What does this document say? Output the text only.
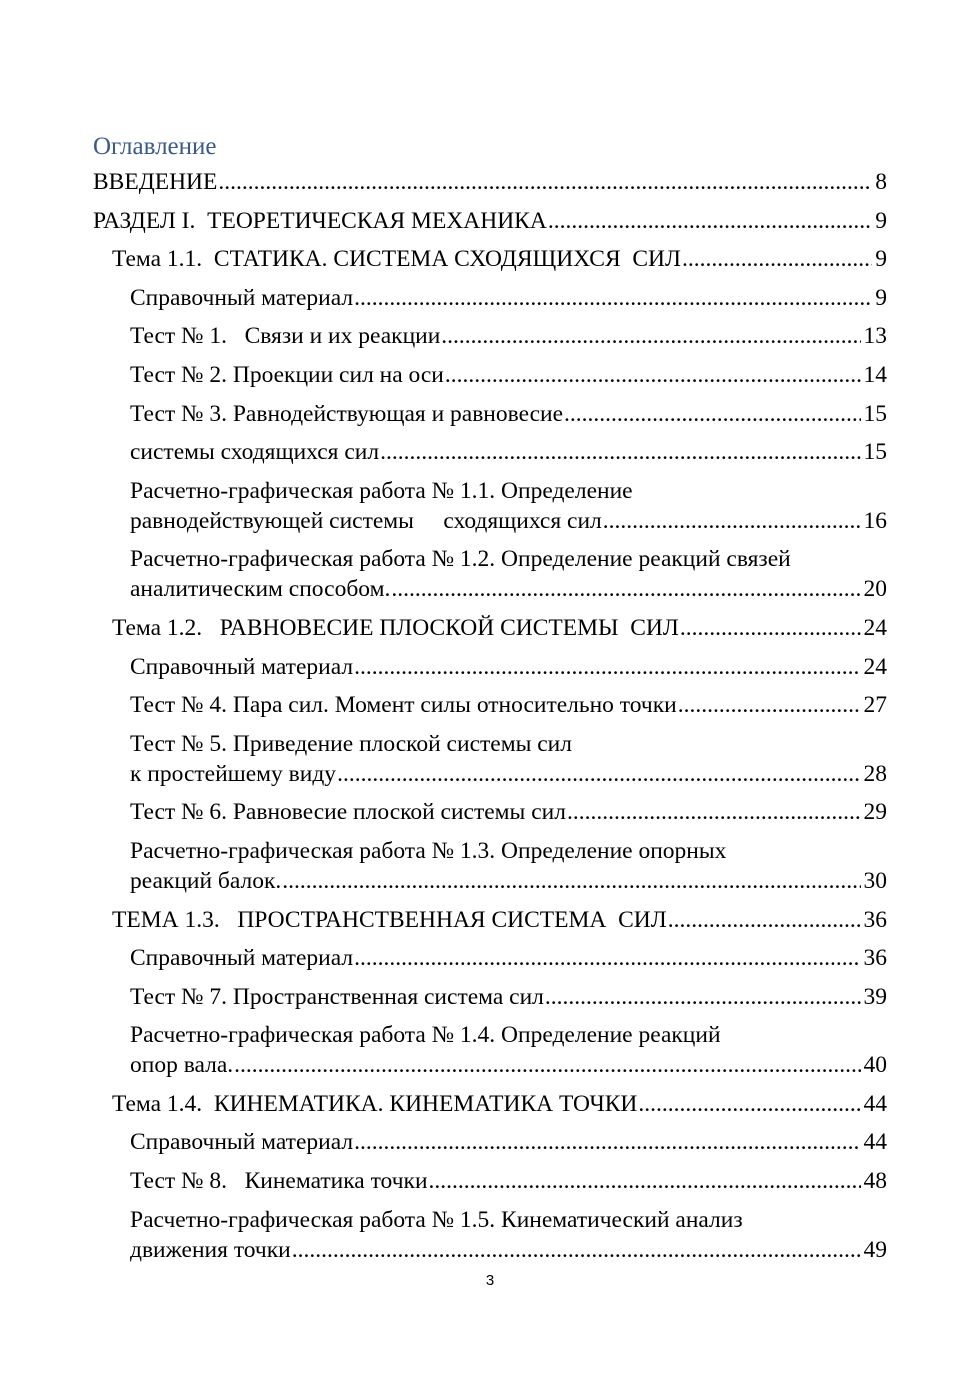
Оглавление
ВВЕДЕНИЕ .....	8
РАЗДЕЛ I.  ТЕОРЕТИЧЕСКАЯ МЕХАНИКА .....	9
Тема 1.1.  СТАТИКА. СИСТЕМА СХОДЯЩИХСЯ  СИЛ .....	9
Справочный материал .....	9
Тест № 1.   Связи и их реакции .....	13
Тест № 2. Проекции сил на оси .....	14
Тест № 3. Равнодействующая и равновесие .....	15
системы сходящихся сил .....	15
Расчетно-графическая работа № 1.1. Определение
равнодействующей системы     сходящихся сил .....	16
Расчетно-графическая работа № 1.2. Определение реакций связей
аналитическим способом. .....	20
Тема 1.2.   РАВНОВЕСИЕ ПЛОСКОЙ СИСТЕМЫ  СИЛ .....	24
Справочный материал .....	24
Тест № 4. Пара сил. Момент силы относительно точки .....	27
Тест № 5. Приведение плоской системы сил
к простейшему виду .....	28
Тест № 6. Равновесие плоской системы сил .....	29
Расчетно-графическая работа № 1.3. Определение опорных
реакций балок. .....	30
ТЕМА 1.3.   ПРОСТРАНСТВЕННАЯ СИСТЕМА  СИЛ .....	36
Справочный материал .....	36
Тест № 7. Пространственная система сил .....	39
Расчетно-графическая работа № 1.4. Определение реакций
опор вала. .....	40
Тема 1.4.  КИНЕМАТИКА. КИНЕМАТИКА ТОЧКИ .....	44
Справочный материал .....	44
Тест № 8.   Кинематика точки .....	48
Расчетно-графическая работа № 1.5. Кинематический анализ
движения точки .....	49
3
